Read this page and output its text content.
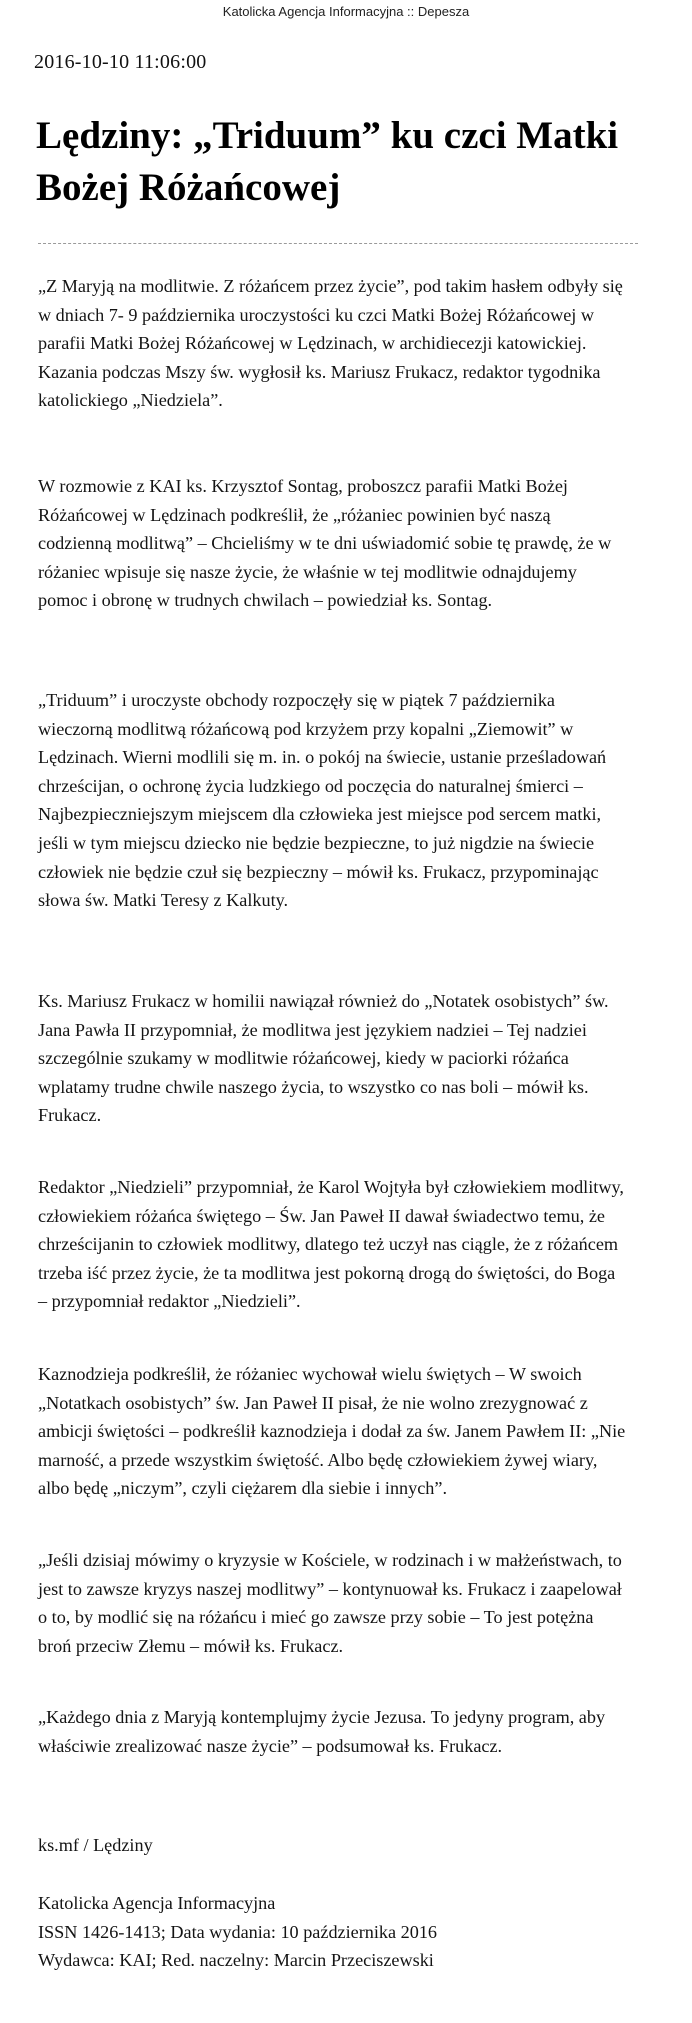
Katolicka Agencja Informacyjna :: Depesza
2016-10-10 11:06:00
Lędziny: „Triduum” ku czci Matki Bożej Różańcowej

„Z Maryją na modlitwie. Z różańcem przez życie”, pod takim hasłem odbyły się w dniach 7- 9 października uroczystości ku czci Matki Bożej Różańcowej w parafii Matki Bożej Różańcowej w Lędzinach, w archidiecezji katowickiej. Kazania podczas Mszy św. wygłosił ks. Mariusz Frukacz, redaktor tygodnika katolickiego „Niedziela”.

W rozmowie z KAI ks. Krzysztof Sontag, proboszcz parafii Matki Bożej Różańcowej w Lędzinach podkreślił, że „różaniec powinien być naszą codzienną modlitwą” – Chcieliśmy w te dni uświadomić sobie tę prawdę, że w różaniec wpisuje się nasze życie, że właśnie w tej modlitwie odnajdujemy pomoc i obronę w trudnych chwilach – powiedział ks. Sontag.

„Triduum” i uroczyste obchody rozpoczęły się w piątek 7 października wieczorną modlitwą różańcową pod krzyżem przy kopalni „Ziemowit” w Lędzinach. Wierni modlili się m. in. o pokój na świecie, ustanie prześladowań chrześcijan, o ochronę życia ludzkiego od poczęcia do naturalnej śmierci – Najbezpieczniejszym miejscem dla człowieka jest miejsce pod sercem matki, jeśli w tym miejscu dziecko nie będzie bezpieczne, to już nigdzie na świecie człowiek nie będzie czuł się bezpieczny – mówił ks. Frukacz, przypominając słowa św. Matki Teresy z Kalkuty.

Ks. Mariusz Frukacz w homilii nawiązał również do „Notatek osobistych” św. Jana Pawła II przypomniał, że modlitwa jest językiem nadziei – Tej nadziei szczególnie szukamy w modlitwie różańcowej, kiedy w paciorki różańca wplatamy trudne chwile naszego życia, to wszystko co nas boli – mówił ks. Frukacz.

Redaktor „Niedzieli” przypomniał, że Karol Wojtyła był człowiekiem modlitwy, człowiekiem różańca świętego – Św. Jan Paweł II dawał świadectwo temu, że chrześcijanin to człowiek modlitwy, dlatego też uczył nas ciągle, że z różańcem trzeba iść przez życie, że ta modlitwa jest pokorną drogą do świętości, do Boga – przypomniał redaktor „Niedzieli”.

Kaznodzieja podkreślił, że różaniec wychował wielu świętych – W swoich „Notatkach osobistych” św. Jan Paweł II pisał, że nie wolno zrezygnować z ambicji świętości – podkreślił kaznodzieja i dodał za św. Janem Pawłem II: „Nie marność, a przede wszystkim świętość. Albo będę człowiekiem żywej wiary, albo będę „niczym”, czyli ciężarem dla siebie i innych”.

„Jeśli dzisiaj mówimy o kryzysie w Kościele, w rodzinach i w małżeństwach, to jest to zawsze kryzys naszej modlitwy” – kontynuował ks. Frukacz i zaapelował o to, by modlić się na różańcu i mieć go zawsze przy sobie – To jest potężna broń przeciw Złemu – mówił ks. Frukacz.

„Każdego dnia z Maryją kontemplujmy życie Jezusa. To jedyny program, aby właściwie zrealizować nasze życie” – podsumował ks. Frukacz.

ks.mf / Lędziny

Katolicka Agencja Informacyjna
ISSN 1426-1413; Data wydania: 10 października 2016
Wydawca: KAI; Red. naczelny: Marcin Przeciszewski
